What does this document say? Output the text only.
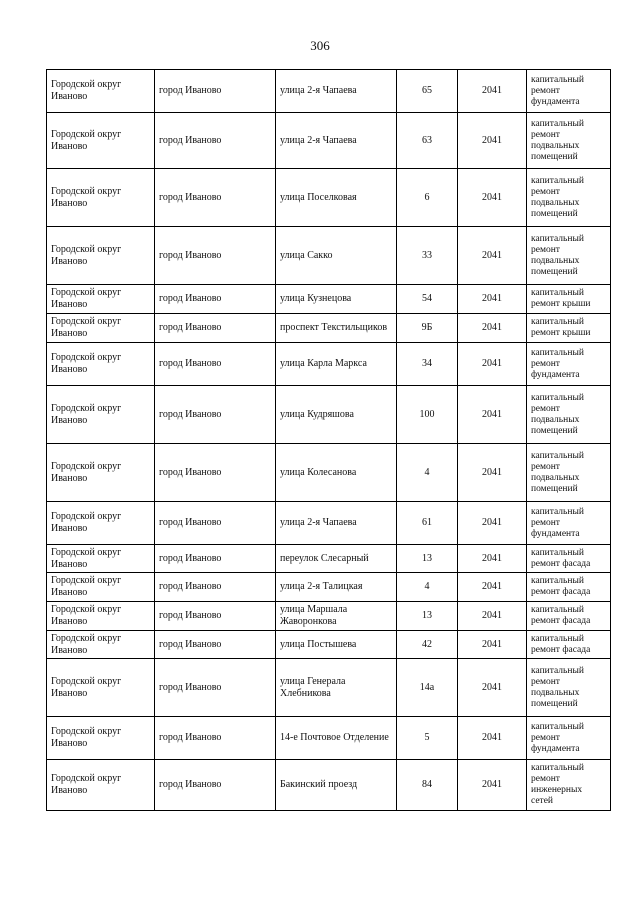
306
Городской округ Иваново	город Иваново	улица 2-я Чапаева	65	2041	капитальный ремонт фундамента
Городской округ Иваново	город Иваново	улица 2-я Чапаева	63	2041	капитальный ремонт подвальных помещений
Городской округ Иваново	город Иваново	улица Поселковая	6	2041	капитальный ремонт подвальных помещений
Городской округ Иваново	город Иваново	улица Сакко	33	2041	капитальный ремонт подвальных помещений
Городской округ Иваново	город Иваново	улица Кузнецова	54	2041	капитальный ремонт крыши
Городской округ Иваново	город Иваново	проспект Текстильщиков	9Б	2041	капитальный ремонт крыши
Городской округ Иваново	город Иваново	улица Карла Маркса	34	2041	капитальный ремонт фундамента
Городской округ Иваново	город Иваново	улица Кудряшова	100	2041	капитальный ремонт подвальных помещений
Городской округ Иваново	город Иваново	улица Колесанова	4	2041	капитальный ремонт подвальных помещений
Городской округ Иваново	город Иваново	улица 2-я Чапаева	61	2041	капитальный ремонт фундамента
Городской округ Иваново	город Иваново	переулок Слесарный	13	2041	капитальный ремонт фасада
Городской округ Иваново	город Иваново	улица 2-я Талицкая	4	2041	капитальный ремонт фасада
Городской округ Иваново	город Иваново	улица Маршала Жаворонкова	13	2041	капитальный ремонт фасада
Городской округ Иваново	город Иваново	улица Постышева	42	2041	капитальный ремонт фасада
Городской округ Иваново	город Иваново	улица Генерала Хлебникова	14а	2041	капитальный ремонт подвальных помещений
Городской округ Иваново	город Иваново	14-е Почтовое Отделение	5	2041	капитальный ремонт фундамента
Городской округ Иваново	город Иваново	Бакинский проезд	84	2041	капитальный ремонт инженерных сетей
